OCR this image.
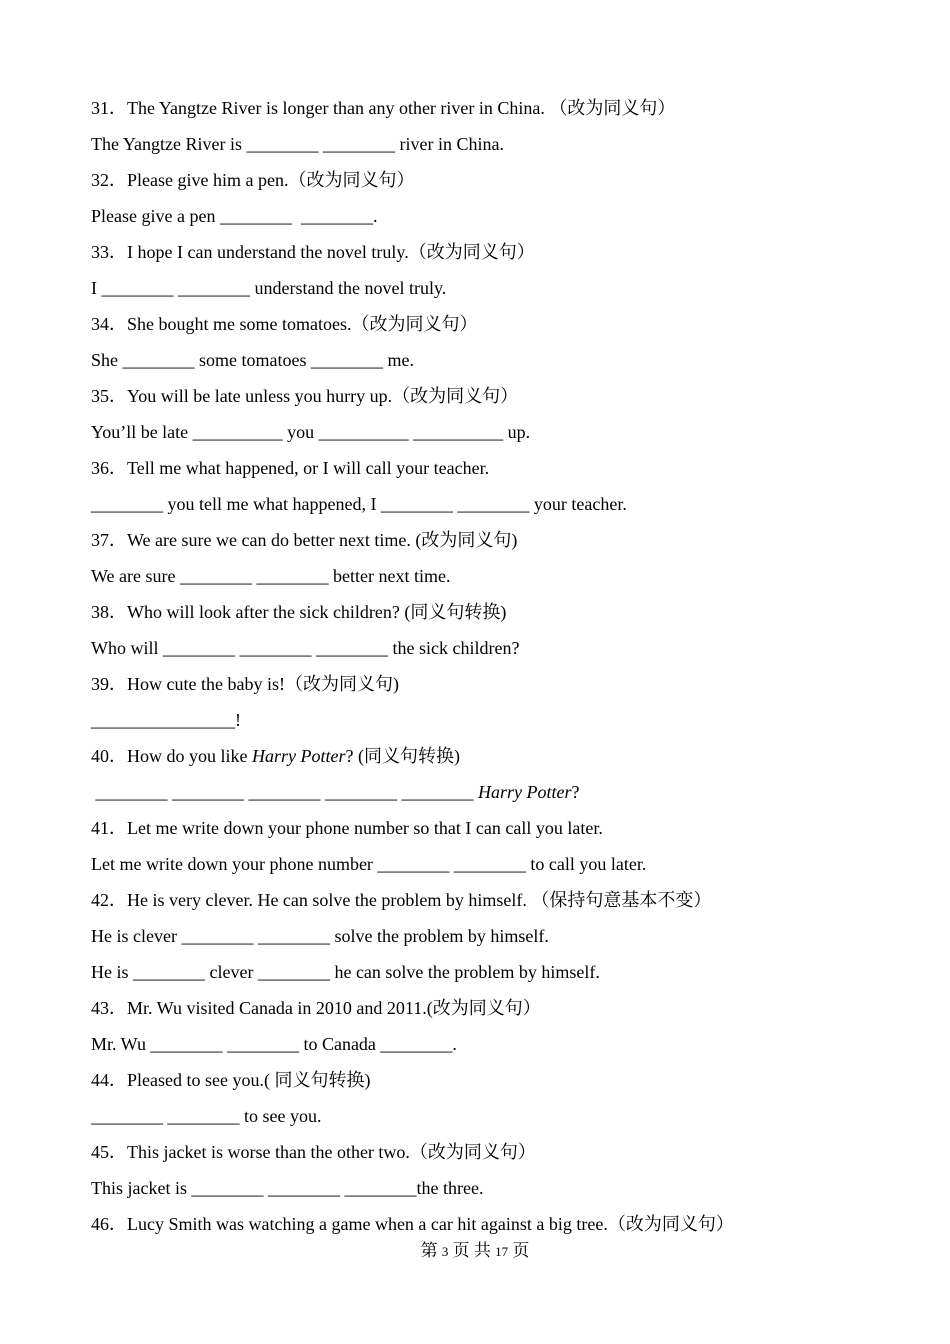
31．The Yangtze River is longer than any other river in China. （改为同义句）
The Yangtze River is ________ ________ river in China.
32．Please give him a pen.（改为同义句）
Please give a pen ________  ________.
33．I hope I can understand the novel truly.（改为同义句）
I ________ ________ understand the novel truly.
34．She bought me some tomatoes.（改为同义句）
She ________ some tomatoes ________ me.
35．You will be late unless you hurry up.（改为同义句）
You’ll be late __________ you __________ __________ up.
36．Tell me what happened, or I will call your teacher.
________ you tell me what happened, I ________ ________ your teacher.
37．We are sure we can do better next time. (改为同义句)
We are sure ________ ________ better next time.
38．Who will look after the sick children? (同义句转换)
Who will ________ ________ ________ the sick children?
39．How cute the baby is!（改为同义句)
________________!
40．How do you like Harry Potter? (同义句转换)
________ ________ ________ ________ ________ Harry Potter?
41．Let me write down your phone number so that I can call you later.
Let me write down your phone number ________ ________ to call you later.
42．He is very clever. He can solve the problem by himself. （保持句意基本不变）
He is clever ________ ________ solve the problem by himself.
He is ________ clever ________ he can solve the problem by himself.
43．Mr. Wu visited Canada in 2010 and 2011.(改为同义句）
Mr. Wu ________ ________ to Canada ________.
44．Pleased to see you.( 同义句转换)
________ ________ to see you.
45．This jacket is worse than the other two.（改为同义句）
This jacket is ________ ________ ________the three.
46．Lucy Smith was watching a game when a car hit against a big tree.（改为同义句）
第 3 页 共 17 页
